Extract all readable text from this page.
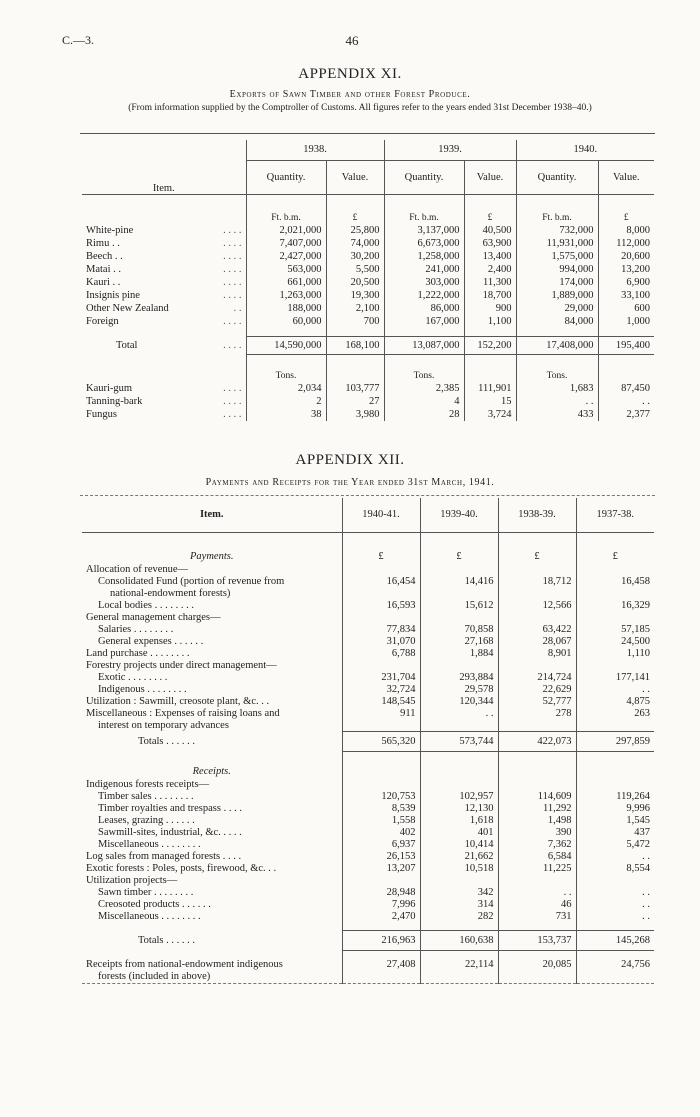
C.—3.	46
APPENDIX XI.
Exports of Sawn Timber and other Forest Produce.
(From information supplied by the Comptroller of Customs. All figures refer to the years ended 31st December 1938–40.)
Item.	1938.		1939.		1940.	
	Quantity.	Value.	Quantity.	Value.	Quantity.	Value.

	Ft. b.m.	£	Ft. b.m.	£	Ft. b.m.	£
White-pine . . . .	2,021,000	25,800	3,137,000	40,500	732,000	8,000
Rimu . . . . . .	7,407,000	74,000	6,673,000	63,900	11,931,000	112,000
Beech . . . . . .	2,427,000	30,200	1,258,000	13,400	1,575,000	20,600
Matai . . . . . .	563,000	5,500	241,000	2,400	994,000	13,200
Kauri . . . . . .	661,000	20,500	303,000	11,300	174,000	6,900
Insignis pine . . . .	1,263,000	19,300	1,222,000	18,700	1,889,000	33,100
Other New Zealand . .	188,000	2,100	86,000	900	29,000	600
Foreign . . . .	60,000	700	167,000	1,100	84,000	1,000

Total . . . .	14,590,000	168,100	13,087,000	152,200	17,408,000	195,400

	Tons.		Tons.		Tons.	
Kauri-gum . . . .	2,034	103,777	2,385	111,901	1,683	87,450
Tanning-bark . . . .	2	27	4	15	. .	. .
Fungus . . . .	38	3,980	28	3,724	433	2,377
APPENDIX XII.
Payments and Receipts for the Year ended 31st March, 1941.
Item.	1940-41.	1939-40.	1938-39.	1937-38.

Payments.	£	£	£	£
Allocation of revenue—				
Consolidated Fund (portion of revenue from	16,454	14,416	18,712	16,458
national-endowment forests)				
Local bodies . . . . . . . .	16,593	15,612	12,566	16,329
General management charges—				
Salaries . . . . . . . .	77,834	70,858	63,422	57,185
General expenses . . . . . .	31,070	27,168	28,067	24,500
Land purchase . . . . . . . .	6,788	1,884	8,901	1,110
Forestry projects under direct management—				
Exotic . . . . . . . .	231,704	293,884	214,724	177,141
Indigenous . . . . . . . .	32,724	29,578	22,629	. .
Utilization : Sawmill, creosote plant, &c. . .	148,545	120,344	52,777	4,875
Miscellaneous : Expenses of raising loans and	911	. .	278	263
interest on temporary advances				
Totals . . . . . .	565,320	573,744	422,073	297,859

Receipts.				
Indigenous forests receipts—				
Timber sales . . . . . . . .	120,753	102,957	114,609	119,264
Timber royalties and trespass . . . .	8,539	12,130	11,292	9,996
Leases, grazing . . . . . .	1,558	1,618	1,498	1,545
Sawmill-sites, industrial, &c. . . . .	402	401	390	437
Miscellaneous . . . . . . . .	6,937	10,414	7,362	5,472
Log sales from managed forests . . . .	26,153	21,662	6,584	. .
Exotic forests : Poles, posts, firewood, &c. . .	13,207	10,518	11,225	8,554
Utilization projects—				
Sawn timber . . . . . . . .	28,948	342	. .	. .
Creosoted products . . . . . .	7,996	314	46	. .
Miscellaneous . . . . . . . .	2,470	282	731	. .

Totals . . . . . .	216,963	160,638	153,737	145,268

Receipts from national-endowment indigenous	27,408	22,114	20,085	24,756
forests (included in above)				
